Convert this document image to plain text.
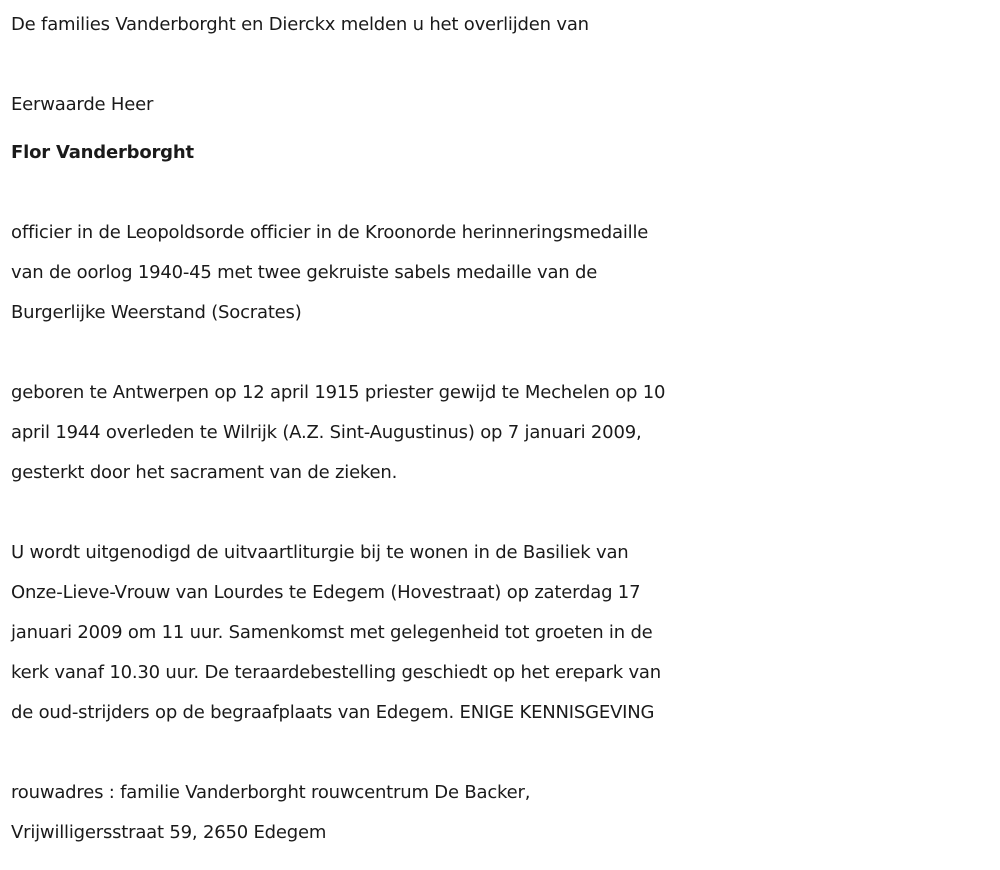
De families Vanderborght en Dierckx melden u het overlijden van

Eerwaarde Heer

Flor Vanderborght

officier in de Leopoldsorde officier in de Kroonorde herinneringsmedaille

van de oorlog 1940-45 met twee gekruiste sabels medaille van de

Burgerlijke Weerstand (Socrates)

geboren te Antwerpen op 12 april 1915 priester gewijd te Mechelen op 10

april 1944 overleden te Wilrijk (A.Z. Sint-Augustinus) op 7 januari 2009,

gesterkt door het sacrament van de zieken.

U wordt uitgenodigd de uitvaartliturgie bij te wonen in de Basiliek van

Onze-Lieve-Vrouw van Lourdes te Edegem (Hovestraat) op zaterdag 17

januari 2009 om 11 uur. Samenkomst met gelegenheid tot groeten in de

kerk vanaf 10.30 uur. De teraardebestelling geschiedt op het erepark van

de oud-strijders op de begraafplaats van Edegem. ENIGE KENNISGEVING

rouwadres : familie Vanderborght rouwcentrum De Backer,

Vrijwilligersstraat 59, 2650 Edegem
